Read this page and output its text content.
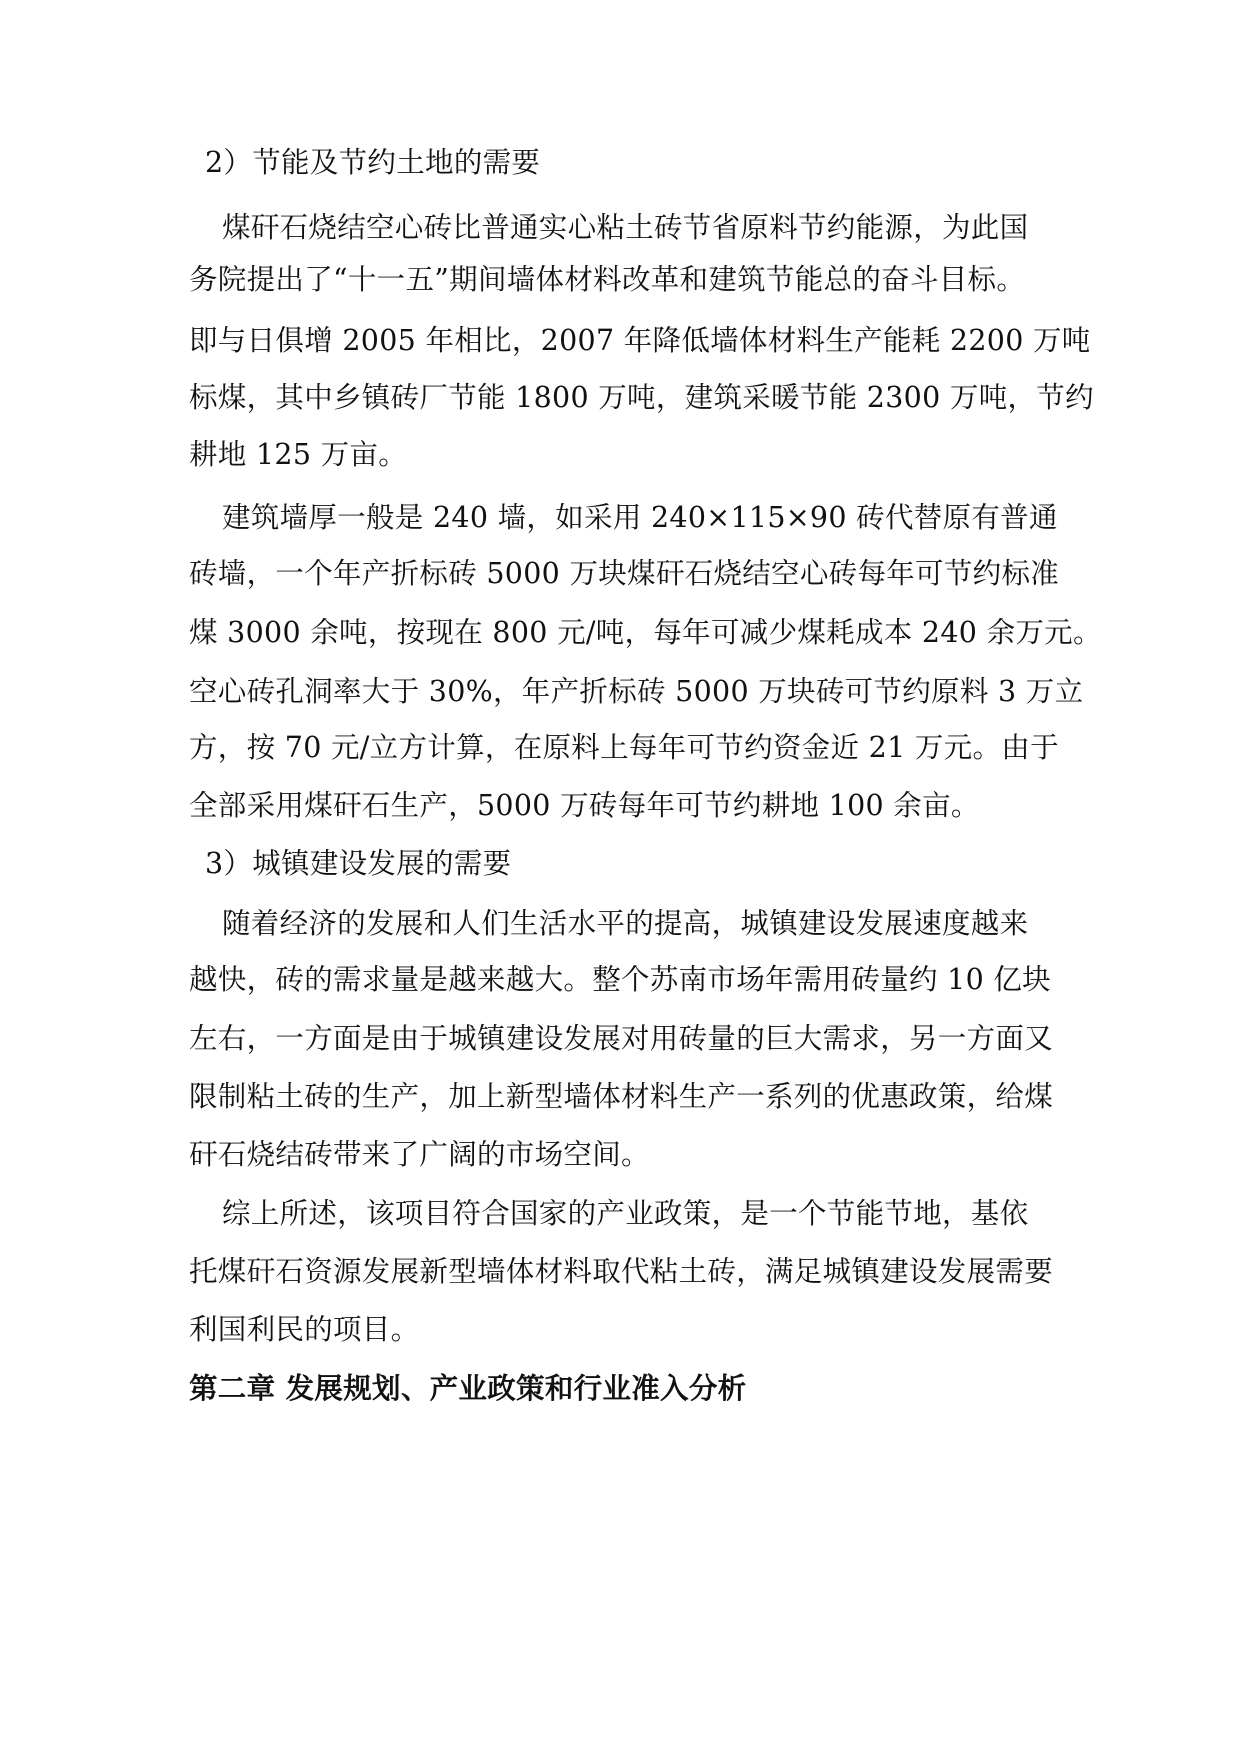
2）节能及节约土地的需要
煤矸石烧结空心砖比普通实心粘土砖节省原料节约能源，为此国
务院提出了“十一五”期间墙体材料改革和建筑节能总的奋斗目标。
即与日俱增 2005 年相比，2007 年降低墙体材料生产能耗 2200 万吨
标煤，其中乡镇砖厂节能 1800 万吨，建筑采暖节能 2300 万吨，节约
耕地 125 万亩。
建筑墙厚一般是 240 墙，如采用 240×115×90 砖代替原有普通
砖墙，一个年产折标砖 5000 万块煤矸石烧结空心砖每年可节约标准
煤 3000 余吨，按现在 800 元/吨，每年可减少煤耗成本 240 余万元。
空心砖孔洞率大于 30%，年产折标砖 5000 万块砖可节约原料 3 万立
方，按 70 元/立方计算，在原料上每年可节约资金近 21 万元。由于
全部采用煤矸石生产，5000 万砖每年可节约耕地 100 余亩。
3）城镇建设发展的需要
随着经济的发展和人们生活水平的提高，城镇建设发展速度越来
越快，砖的需求量是越来越大。整个苏南市场年需用砖量约 10 亿块
左右，一方面是由于城镇建设发展对用砖量的巨大需求，另一方面又
限制粘土砖的生产，加上新型墙体材料生产一系列的优惠政策，给煤
矸石烧结砖带来了广阔的市场空间。
综上所述，该项目符合国家的产业政策，是一个节能节地，基依
托煤矸石资源发展新型墙体材料取代粘土砖，满足城镇建设发展需要
利国利民的项目。
第二章 发展规划、产业政策和行业准入分析
